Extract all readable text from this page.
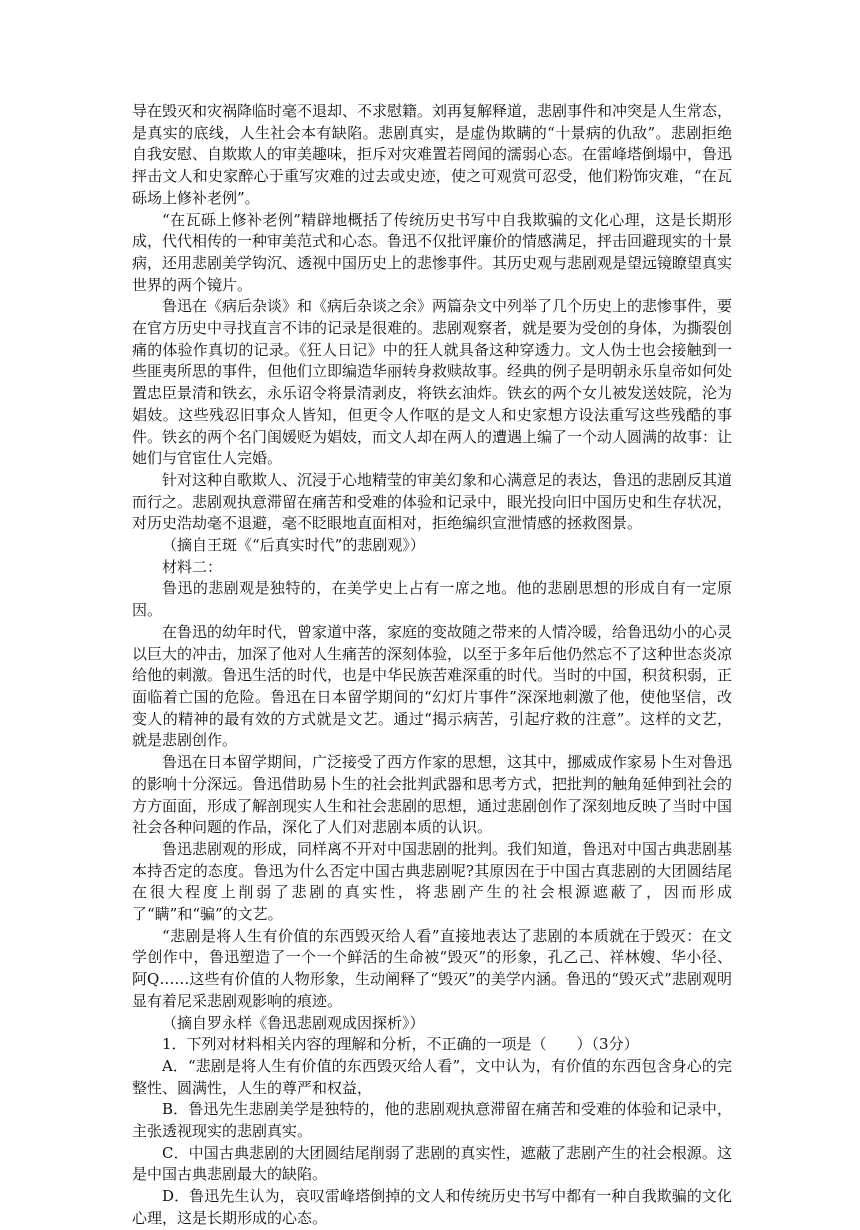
导在毁灭和灾祸降临时毫不退却、不求慰籍。刘再复解释道，悲剧事件和冲突是人生常态，是真实的底线，人生社会本有缺陷。悲剧真实，是虚伪欺瞒的“十景病的仇敌”。悲剧拒绝自我安慰、自欺欺人的审美趣味，拒斥对灾难置若罔闻的濡弱心态。在雷峰塔倒塌中，鲁迅抨击文人和史家醉心于重写灾难的过去或史迹，使之可观赏可忍受，他们粉饰灾难，“在瓦砾场上修补老例”。

“在瓦砾上修补老例”精辟地概括了传统历史书写中自我欺骗的文化心理，这是长期形成，代代相传的一种审美范式和心态。鲁迅不仅批评廉价的情感满足，抨击回避现实的十景病，还用悲剧美学钩沉、透视中国历史上的悲惨事件。其历史观与悲剧观是望远镜瞭望真实世界的两个镜片。

鲁迅在《病后杂谈》和《病后杂谈之余》两篇杂文中列举了几个历史上的悲惨事件，要在官方历史中寻找直言不讳的记录是很难的。悲剧观察者，就是要为受创的身体，为撕裂创痛的体验作真切的记录。《狂人日记》中的狂人就具备这种穿透力。文人伪士也会接触到一些匪夷所思的事件，但他们立即编造华丽转身救赎故事。经典的例子是明朝永乐皇帝如何处置忠臣景清和铁玄，永乐诏令将景清剥皮，将铁玄油炸。铁玄的两个女儿被发送妓院，沦为娼妓。这些残忍旧事众人皆知，但更令人作呕的是文人和史家想方设法重写这些残酷的事件。铁玄的两个名门闺媛贬为娼妓，而文人却在两人的遭遇上编了一个动人圆满的故事：让她们与官宦仕人完婚。

针对这种自歌欺人、沉浸于心地精莹的审美幻象和心满意足的表达，鲁迅的悲剧反其道而行之。悲剧观执意滞留在痛苦和受难的体验和记录中，眼光投向旧中国历史和生存状况，对历史浩劫毫不退避，毫不眨眼地直面相对，拒绝编织宣泄情感的拯救图景。

（摘自王斑《“后真实时代”的悲剧观》）

材料二：

鲁迅的悲剧观是独特的，在美学史上占有一席之地。他的悲剧思想的形成自有一定原因。

在鲁迅的幼年时代，曾家道中落，家庭的变故随之带来的人情冷暖，给鲁迅幼小的心灵以巨大的冲击，加深了他对人生痛苦的深刻体验，以至于多年后他仍然忘不了这种世态炎凉给他的刺激。鲁迅生活的时代，也是中华民族苦难深重的时代。当时的中国，积贫积弱，正面临着亡国的危险。鲁迅在日本留学期间的“幻灯片事件”深深地刺激了他，使他坚信，改变人的精神的最有效的方式就是文艺。通过“揭示病苦，引起疗救的注意”。这样的文艺，就是悲剧创作。

鲁迅在日本留学期间，广泛接受了西方作家的思想，这其中，挪威成作家易卜生对鲁迅的影响十分深远。鲁迅借助易卜生的社会批判武器和思考方式，把批判的触角延伸到社会的方方面面，形成了解剖现实人生和社会悲剧的思想，通过悲剧创作了深刻地反映了当时中国社会各种问题的作品，深化了人们对悲剧本质的认识。

鲁迅悲剧观的形成，同样离不开对中国悲剧的批判。我们知道，鲁迅对中国古典悲剧基本持否定的态度。鲁迅为什么否定中国古典悲剧呢?其原因在于中国古真悲剧的大团圆结尾在很大程度上削弱了悲剧的真实性，将悲剧产生的社会根源遮蔽了，因而形成了“瞒”和“骗”的文艺。

“悲剧是将人生有价值的东西毁灭给人看”直接地表达了悲剧的本质就在于毁灭：在文学创作中，鲁迅塑造了一个一个鲜活的生命被“毁灭”的形象，孔乙己、祥林嫂、华小径、阿Q……这些有价值的人物形象，生动阐释了“毁灭”的美学内涵。鲁迅的“毁灭式”悲剧观明显有着尼采悲剧观影响的痕迹。

（摘自罗永样《鲁迅悲剧观成因探析》）

1．下列对材料相关内容的理解和分析，不正确的一项是（　　）（3分）

A．“悲剧是将人生有价值的东西毁灭给人看”，文中认为，有价值的东西包含身心的完整性、圆满性，人生的尊严和权益，

B．鲁迅先生悲剧美学是独特的，他的悲剧观执意滞留在痛苦和受难的体验和记录中，主张透视现实的悲剧真实。

C．中国古典悲剧的大团圆结尾削弱了悲剧的真实性，遮蔽了悲剧产生的社会根源。这是中国古典悲剧最大的缺陷。

D．鲁迅先生认为，哀叹雷峰塔倒掉的文人和传统历史书写中都有一种自我欺骗的文化心理，这是长期形成的心态。
